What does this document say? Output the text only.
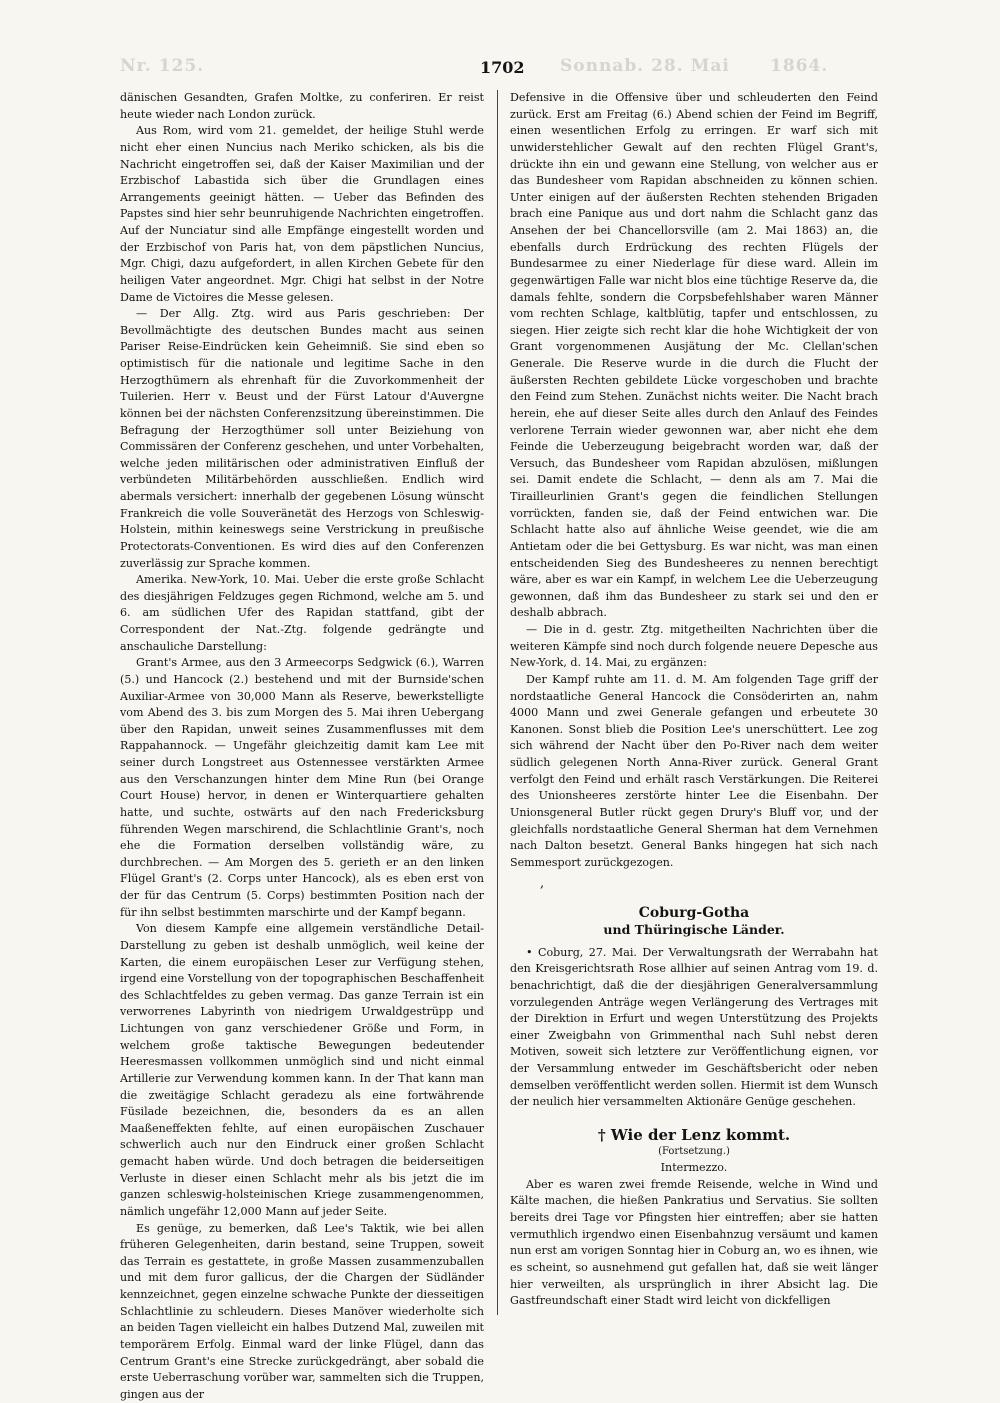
Nr. 125.	Sonnab. 28. Mai 1864.
1702

dänischen Gesandten, Grafen Moltke, zu conferiren. Er reist heute wieder nach London zurück.

Aus Rom, wird vom 21. gemeldet, der heilige Stuhl werde nicht eher einen Nuncius nach Meriko schicken, als bis die Nachricht eingetroffen sei, daß der Kaiser Maximilian und der Erzbischof Labastida sich über die Grundlagen eines Arrangements geeinigt hätten. — Ueber das Befinden des Papstes sind hier sehr beunruhigende Nachrichten eingetroffen. Auf der Nunciatur sind alle Empfänge eingestellt worden und der Erzbischof von Paris hat, von dem päpstlichen Nuncius, Mgr. Chigi, dazu aufgefordert, in allen Kirchen Gebete für den heiligen Vater angeordnet. Mgr. Chigi hat selbst in der Notre Dame de Victoires die Messe gelesen.

— Der Allg. Ztg. wird aus Paris geschrieben: Der Bevollmächtigte des deutschen Bundes macht aus seinen Pariser Reise-Eindrücken kein Geheimniß. Sie sind eben so optimistisch für die nationale und legitime Sache in den Herzogthümern als ehrenhaft für die Zuvorkommenheit der Tuilerien. Herr v. Beust und der Fürst Latour d'Auvergne können bei der nächsten Conferenzsitzung übereinstimmen. Die Befragung der Herzogthümer soll unter Beiziehung von Commissären der Conferenz geschehen, und unter Vorbehalten, welche jeden militärischen oder administrativen Einfluß der verbündeten Militärbehörden ausschließen. Endlich wird abermals versichert: innerhalb der gegebenen Lösung wünscht Frankreich die volle Souveränetät des Herzogs von Schleswig-Holstein, mithin keineswegs seine Verstrickung in preußische Protectorats-Conventionen. Es wird dies auf den Conferenzen zuverlässig zur Sprache kommen.

Amerika. New-York, 10. Mai. Ueber die erste große Schlacht des diesjährigen Feldzuges gegen Richmond, welche am 5. und 6. am südlichen Ufer des Rapidan stattfand, gibt der Correspondent der Nat.-Ztg. folgende gedrängte und anschauliche Darstellung:

Grant's Armee, aus den 3 Armeecorps Sedgwick (6.), Warren (5.) und Hancock (2.) bestehend und mit der Burnside'schen Auxiliar-Armee von 30,000 Mann als Reserve, bewerkstelligte vom Abend des 3. bis zum Morgen des 5. Mai ihren Uebergang über den Rapidan, unweit seines Zusammenflusses mit dem Rappahannock. — Ungefähr gleichzeitig damit kam Lee mit seiner durch Longstreet aus Ostennessee verstärkten Armee aus den Verschanzungen hinter dem Mine Run (bei Orange Court House) hervor, in denen er Winterquartiere gehalten hatte, und suchte, ostwärts auf den nach Fredericksburg führenden Wegen marschirend, die Schlachtlinie Grant's, noch ehe die Formation derselben vollständig wäre, zu durchbrechen. — Am Morgen des 5. gerieth er an den linken Flügel Grant's (2. Corps unter Hancock), als es eben erst von der für das Centrum (5. Corps) bestimmten Position nach der für ihn selbst bestimmten marschirte und der Kampf begann.

Von diesem Kampfe eine allgemein verständliche Detail-Darstellung zu geben ist deshalb unmöglich, weil keine der Karten, die einem europäischen Leser zur Verfügung stehen, irgend eine Vorstellung von der topographischen Beschaffenheit des Schlachtfeldes zu geben vermag. Das ganze Terrain ist ein verworrenes Labyrinth von niedrigem Urwaldgestrüpp und Lichtungen von ganz verschiedener Größe und Form, in welchem große taktische Bewegungen bedeutender Heeresmassen vollkommen unmöglich sind und nicht einmal Artillerie zur Verwendung kommen kann. In der That kann man die zweitägige Schlacht geradezu als eine fortwährende Füsilade bezeichnen, die, besonders da es an allen Maaßeneffekten fehlte, auf einen europäischen Zuschauer schwerlich auch nur den Eindruck einer großen Schlacht gemacht haben würde. Und doch betragen die beiderseitigen Verluste in dieser einen Schlacht mehr als bis jetzt die im ganzen schleswig-holsteinischen Kriege zusammengenommen, nämlich ungefähr 12,000 Mann auf jeder Seite.

Es genüge, zu bemerken, daß Lee's Taktik, wie bei allen früheren Gelegenheiten, darin bestand, seine Truppen, soweit das Terrain es gestattete, in große Massen zusammenzuballen und mit dem furor gallicus, der die Chargen der Südländer kennzeichnet, gegen einzelne schwache Punkte der diesseitigen Schlachtlinie zu schleudern. Dieses Manöver wiederholte sich an beiden Tagen vielleicht ein halbes Dutzend Mal, zuweilen mit temporärem Erfolg. Einmal ward der linke Flügel, dann das Centrum Grant's eine Strecke zurückgedrängt, aber sobald die erste Ueberraschung vorüber war, sammelten sich die Truppen, gingen aus der

Defensive in die Offensive über und schleuderten den Feind zurück. Erst am Freitag (6.) Abend schien der Feind im Begriff, einen wesentlichen Erfolg zu erringen. Er warf sich mit unwiderstehlicher Gewalt auf den rechten Flügel Grant's, drückte ihn ein und gewann eine Stellung, von welcher aus er das Bundesheer vom Rapidan abschneiden zu können schien. Unter einigen auf der äußersten Rechten stehenden Brigaden brach eine Panique aus und dort nahm die Schlacht ganz das Ansehen der bei Chancellorsville (am 2. Mai 1863) an, die ebenfalls durch Erdrückung des rechten Flügels der Bundesarmee zu einer Niederlage für diese ward. Allein im gegenwärtigen Falle war nicht blos eine tüchtige Reserve da, die damals fehlte, sondern die Corpsbefehlshaber waren Männer vom rechten Schlage, kaltblütig, tapfer und entschlossen, zu siegen. Hier zeigte sich recht klar die hohe Wichtigkeit der von Grant vorgenommenen Ausjätung der Mc. Clellan'schen Generale. Die Reserve wurde in die durch die Flucht der äußersten Rechten gebildete Lücke vorgeschoben und brachte den Feind zum Stehen. Zunächst nichts weiter. Die Nacht brach herein, ehe auf dieser Seite alles durch den Anlauf des Feindes verlorene Terrain wieder gewonnen war, aber nicht ehe dem Feinde die Ueberzeugung beigebracht worden war, daß der Versuch, das Bundesheer vom Rapidan abzulösen, mißlungen sei. Damit endete die Schlacht, — denn als am 7. Mai die Tirailleurlinien Grant's gegen die feindlichen Stellungen vorrückten, fanden sie, daß der Feind entwichen war. Die Schlacht hatte also auf ähnliche Weise geendet, wie die am Antietam oder die bei Gettysburg. Es war nicht, was man einen entscheidenden Sieg des Bundesheeres zu nennen berechtigt wäre, aber es war ein Kampf, in welchem Lee die Ueberzeugung gewonnen, daß ihm das Bundesheer zu stark sei und den er deshalb abbrach.

— Die in d. gestr. Ztg. mitgetheilten Nachrichten über die weiteren Kämpfe sind noch durch folgende neuere Depesche aus New-York, d. 14. Mai, zu ergänzen:

Der Kampf ruhte am 11. d. M. Am folgenden Tage griff der nordstaatliche General Hancock die Consöderirten an, nahm 4000 Mann und zwei Generale gefangen und erbeutete 30 Kanonen. Sonst blieb die Position Lee's unerschüttert. Lee zog sich während der Nacht über den Po-River nach dem weiter südlich gelegenen North Anna-River zurück. General Grant verfolgt den Feind und erhält rasch Verstärkungen. Die Reiterei des Unionsheeres zerstörte hinter Lee die Eisenbahn. Der Unionsgeneral Butler rückt gegen Drury's Bluff vor, und der gleichfalls nordstaatliche General Sherman hat dem Vernehmen nach Dalton besetzt. General Banks hingegen hat sich nach Semmesport zurückgezogen.

,

Coburg-Gotha

und Thüringische Länder.

• Coburg, 27. Mai. Der Verwaltungsrath der Werrabahn hat den Kreisgerichtsrath Rose allhier auf seinen Antrag vom 19. d. benachrichtigt, daß die der diesjährigen Generalversammlung vorzulegenden Anträge wegen Verlängerung des Vertrages mit der Direktion in Erfurt und wegen Unterstützung des Projekts einer Zweigbahn von Grimmenthal nach Suhl nebst deren Motiven, soweit sich letztere zur Veröffentlichung eignen, vor der Versammlung entweder im Geschäftsbericht oder neben demselben veröffentlicht werden sollen. Hiermit ist dem Wunsch der neulich hier versammelten Aktionäre Genüge geschehen.

† Wie der Lenz kommt.

(Fortsetzung.)

Intermezzo.

Aber es waren zwei fremde Reisende, welche in Wind und Kälte machen, die hießen Pankratius und Servatius. Sie sollten bereits drei Tage vor Pfingsten hier eintreffen; aber sie hatten vermuthlich irgendwo einen Eisenbahnzug versäumt und kamen nun erst am vorigen Sonntag hier in Coburg an, wo es ihnen, wie es scheint, so ausnehmend gut gefallen hat, daß sie weit länger hier verweilten, als ursprünglich in ihrer Absicht lag. Die Gastfreundschaft einer Stadt wird leicht von dickfelligen
